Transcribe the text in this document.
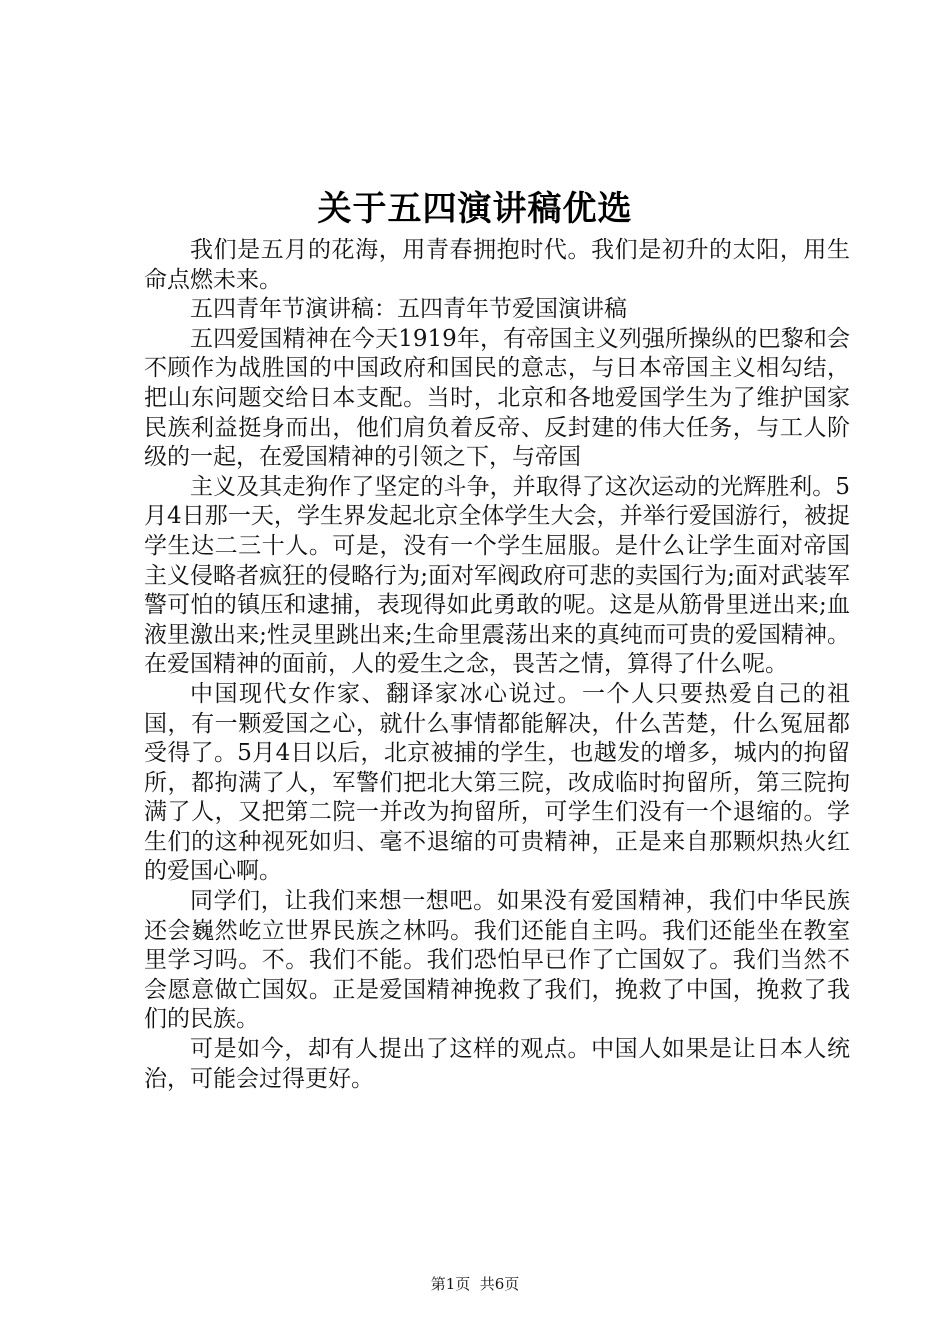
关于五四演讲稿优选

我们是五月的花海，用青春拥抱时代。我们是初升的太阳，用生命点燃未来。

五四青年节演讲稿：五四青年节爱国演讲稿

五四爱国精神在今天1919年，有帝国主义列强所操纵的巴黎和会不顾作为战胜国的中国政府和国民的意志，与日本帝国主义相勾结，把山东问题交给日本支配。当时，北京和各地爱国学生为了维护国家民族利益挺身而出，他们肩负着反帝、反封建的伟大任务，与工人阶级的一起，在爱国精神的引领之下，与帝国

主义及其走狗作了坚定的斗争，并取得了这次运动的光辉胜利。5月4日那一天，学生界发起北京全体学生大会，并举行爱国游行，被捉学生达二三十人。可是，没有一个学生屈服。是什么让学生面对帝国主义侵略者疯狂的侵略行为;面对军阀政府可悲的卖国行为;面对武装军警可怕的镇压和逮捕，表现得如此勇敢的呢。这是从筋骨里迸出来;血液里激出来;性灵里跳出来;生命里震荡出来的真纯而可贵的爱国精神。在爱国精神的面前，人的爱生之念，畏苦之情，算得了什么呢。

中国现代女作家、翻译家冰心说过。一个人只要热爱自己的祖国，有一颗爱国之心，就什么事情都能解决，什么苦楚，什么冤屈都受得了。5月4日以后，北京被捕的学生，也越发的增多，城内的拘留所，都拘满了人，军警们把北大第三院，改成临时拘留所，第三院拘满了人，又把第二院一并改为拘留所，可学生们没有一个退缩的。学生们的这种视死如归、毫不退缩的可贵精神，正是来自那颗炽热火红的爱国心啊。

同学们，让我们来想一想吧。如果没有爱国精神，我们中华民族还会巍然屹立世界民族之林吗。我们还能自主吗。我们还能坐在教室里学习吗。不。我们不能。我们恐怕早已作了亡国奴了。我们当然不会愿意做亡国奴。正是爱国精神挽救了我们，挽救了中国，挽救了我们的民族。

可是如今，却有人提出了这样的观点。中国人如果是让日本人统治，可能会过得更好。

第1页  共6页
